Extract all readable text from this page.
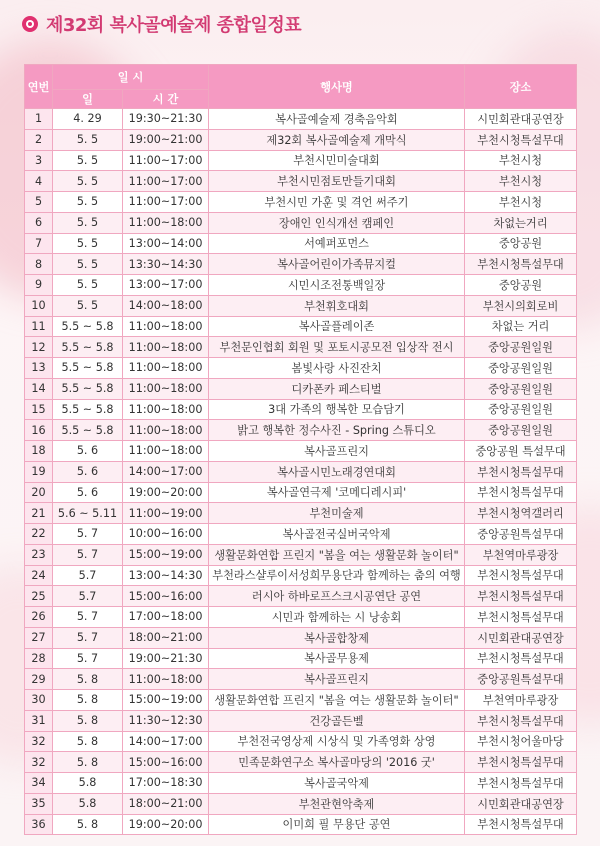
제32회 복사골예술제 종합일정표
연번	일 시		행사명	장소
	일	시 간		
1	4. 29	19:30~21:30	복사골예술제 경축음악회	시민회관대공연장
2	5. 5	19:00~21:00	제32회 복사골예술제 개막식	부천시청특설무대
3	5. 5	11:00~17:00	부천시민미술대회	부천시청
4	5. 5	11:00~17:00	부천시민점토만들기대회	부천시청
5	5. 5	11:00~17:00	부천시민 가훈 및 격언 써주기	부천시청
6	5. 5	11:00~18:00	장애인 인식개선 캠페인	차없는거리
7	5. 5	13:00~14:00	서예퍼포먼스	중앙공원
8	5. 5	13:30~14:30	복사골어린이가족뮤지컬	부천시청특설무대
9	5. 5	13:00~17:00	시민시조전통백일장	중앙공원
10	5. 5	14:00~18:00	부천휘호대회	부천시의회로비
11	5.5 ~ 5.8	11:00~18:00	복사골플레이존	차없는 거리
12	5.5 ~ 5.8	11:00~18:00	부천문인협회 회원 및 포토시공모전 입상작 전시	중앙공원일원
13	5.5 ~ 5.8	11:00~18:00	봄빛사랑 사진잔치	중앙공원일원
14	5.5 ~ 5.8	11:00~18:00	디카폰카 페스티벌	중앙공원일원
15	5.5 ~ 5.8	11:00~18:00	3대 가족의 행복한 모습담기	중앙공원일원
16	5.5 ~ 5.8	11:00~18:00	밝고 행복한 정수사진 - Spring 스튜디오	중앙공원일원
18	5. 6	11:00~18:00	복사골프린지	중앙공원 특설무대
19	5. 6	14:00~17:00	복사골시민노래경연대회	부천시청특설무대
20	5. 6	19:00~20:00	복사골연극제 '코메디레시피'	부천시청특설무대
21	5.6 ~ 5.11	11:00~19:00	부천미술제	부천시청역갤러리
22	5. 7	10:00~16:00	복사골전국실버국악제	중앙공원특설무대
23	5. 7	15:00~19:00	생활문화연합 프린지 "봄을 여는 생활문화 놀이터"	부천역마루광장
24	5.7	13:00~14:30	부천라스샬루이서성희무용단과 함께하는 춤의 여행	부천시청특설무대
25	5.7	15:00~16:00	러시아 하바로프스크시공연단 공연	부천시청특설무대
26	5. 7	17:00~18:00	시민과 함께하는 시 낭송회	부천시청특설무대
27	5. 7	18:00~21:00	복사골합창제	시민회관대공연장
28	5. 7	19:00~21:30	복사골무용제	부천시청특설무대
29	5. 8	11:00~18:00	복사골프린지	중앙공원특설무대
30	5. 8	15:00~19:00	생활문화연합 프린지 "봄을 여는 생활문화 놀이터"	부천역마루광장
31	5. 8	11:30~12:30	건강골든벨	부천시청특설무대
32	5. 8	14:00~17:00	부천전국영상제 시상식 및 가족영화 상영	부천시청어울마당
32	5. 8	15:00~16:00	민족문화연구소 복사골마당의 '2016 굿'	부천시청특설무대
34	5.8	17:00~18:30	복사골국악제	부천시청특설무대
35	5.8	18:00~21:00	부천관현악축제	시민회관대공연장
36	5. 8	19:00~20:00	이미희 필 무용단 공연	부천시청특설무대
